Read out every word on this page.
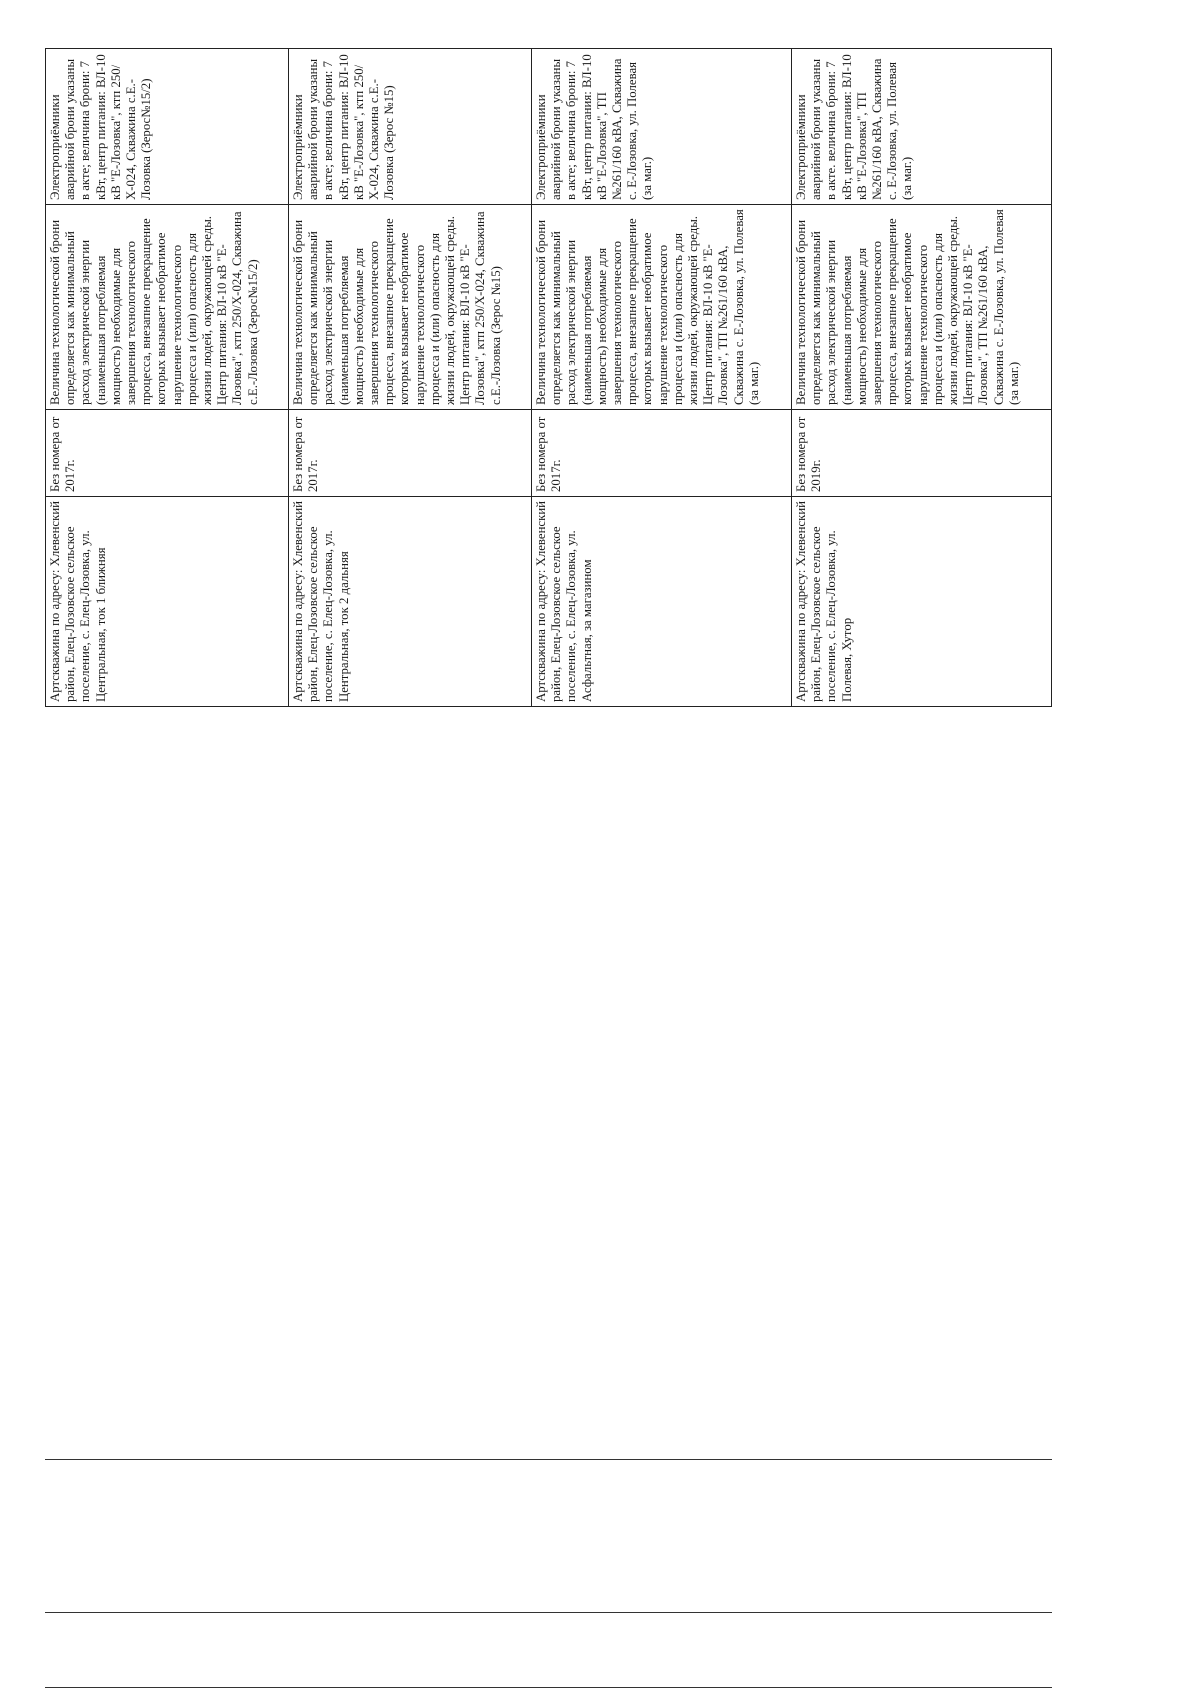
Артскважина по адресу: Хлевенский район, Елец-Лозовское сельское поселение, с. Елец-Лозовка, ул. Центральная, ток 1 ближняя	Без номера от 2017г.	Величина технологической брони определяется как минимальный расход электрической энергии (наименьшая потребляемая мощность) необходимые для завершения технологического процесса, внезапное прекращение которых вызывает необратимое нарушение технологического процесса и (или) опасность для жизни людей, окружающей среды. Центр питания: ВЛ-10 кВ "Е-Лозовка", ктп 250/Х-024, Скважина с.Е.-Лозовка (Зерос№15/2)	Электроприёмники аварийной брони указаны в акте; величина брони: 7 кВт, центр питания: ВЛ-10 кВ "Е-Лозовка", ктп 250/Х-024, Скважина с.Е.-Лозовка (Зерос№15/2)
Артскважина по адресу: Хлевенский район, Елец-Лозовское сельское поселение, с. Елец-Лозовка, ул. Центральная, ток 2 дальняя	Без номера от 2017г.	Величина технологической брони определяется как минимальный расход электрической энергии (наименьшая потребляемая мощность) необходимые для завершения технологического процесса, внезапное прекращение которых вызывает необратимое нарушение технологического процесса и (или) опасность для жизни людей, окружающей среды. Центр питания: ВЛ-10 кВ "Е-Лозовка", ктп 250/Х-024, Скважина с.Е.-Лозовка (Зерос №15)	Электроприёмники аварийной брони указаны в акте; величина брони: 7 кВт, центр питания: ВЛ-10 кВ "Е-Лозовка", ктп 250/Х-024, Скважина с.Е.-Лозовка (Зерос №15)
Артскважина по адресу: Хлевенский район, Елец-Лозовское сельское поселение, с. Елец-Лозовка, ул. Асфальтная, за магазином	Без номера от 2017г.	Величина технологической брони определяется как минимальный расход электрической энергии (наименьшая потребляемая мощность) необходимые для завершения технологического процесса, внезапное прекращение которых вызывает необратимое нарушение технологического процесса и (или) опасность для жизни людей, окружающей среды. Центр питания: ВЛ-10 кВ "Е-Лозовка", ТП №261/160 кВА, Скважина с. Е-Лозовка, ул. Полевая (за маг.)	Электроприёмники аварийной брони указаны в акте; величина брони: 7 кВт, центр питания: ВЛ-10 кВ "Е-Лозовка", ТП №261/160 кВА, Скважина с. Е-Лозовка, ул. Полевая (за маг.)
Артскважина по адресу: Хлевенский район, Елец-Лозовское сельское поселение, с. Елец-Лозовка, ул. Полевая, Хутор	Без номера от 2019г.	Величина технологической брони определяется как минимальный расход электрической энергии (наименьшая потребляемая мощность) необходимые для завершения технологического процесса, внезапное прекращение которых вызывает необратимое нарушение технологического процесса и (или) опасность для жизни людей, окружающей среды. Центр питания: ВЛ-10 кВ "Е-Лозовка", ТП №261/160 кВА, Скважина с. Е-Лозовка, ул. Полевая (за маг.)	Электроприёмники аварийной брони указаны в акте. величина брони: 7 кВт, центр питания: ВЛ-10 кВ "Е-Лозовка", ТП №261/160 кВА, Скважина с. Е-Лозовка, ул. Полевая (за маг.)
